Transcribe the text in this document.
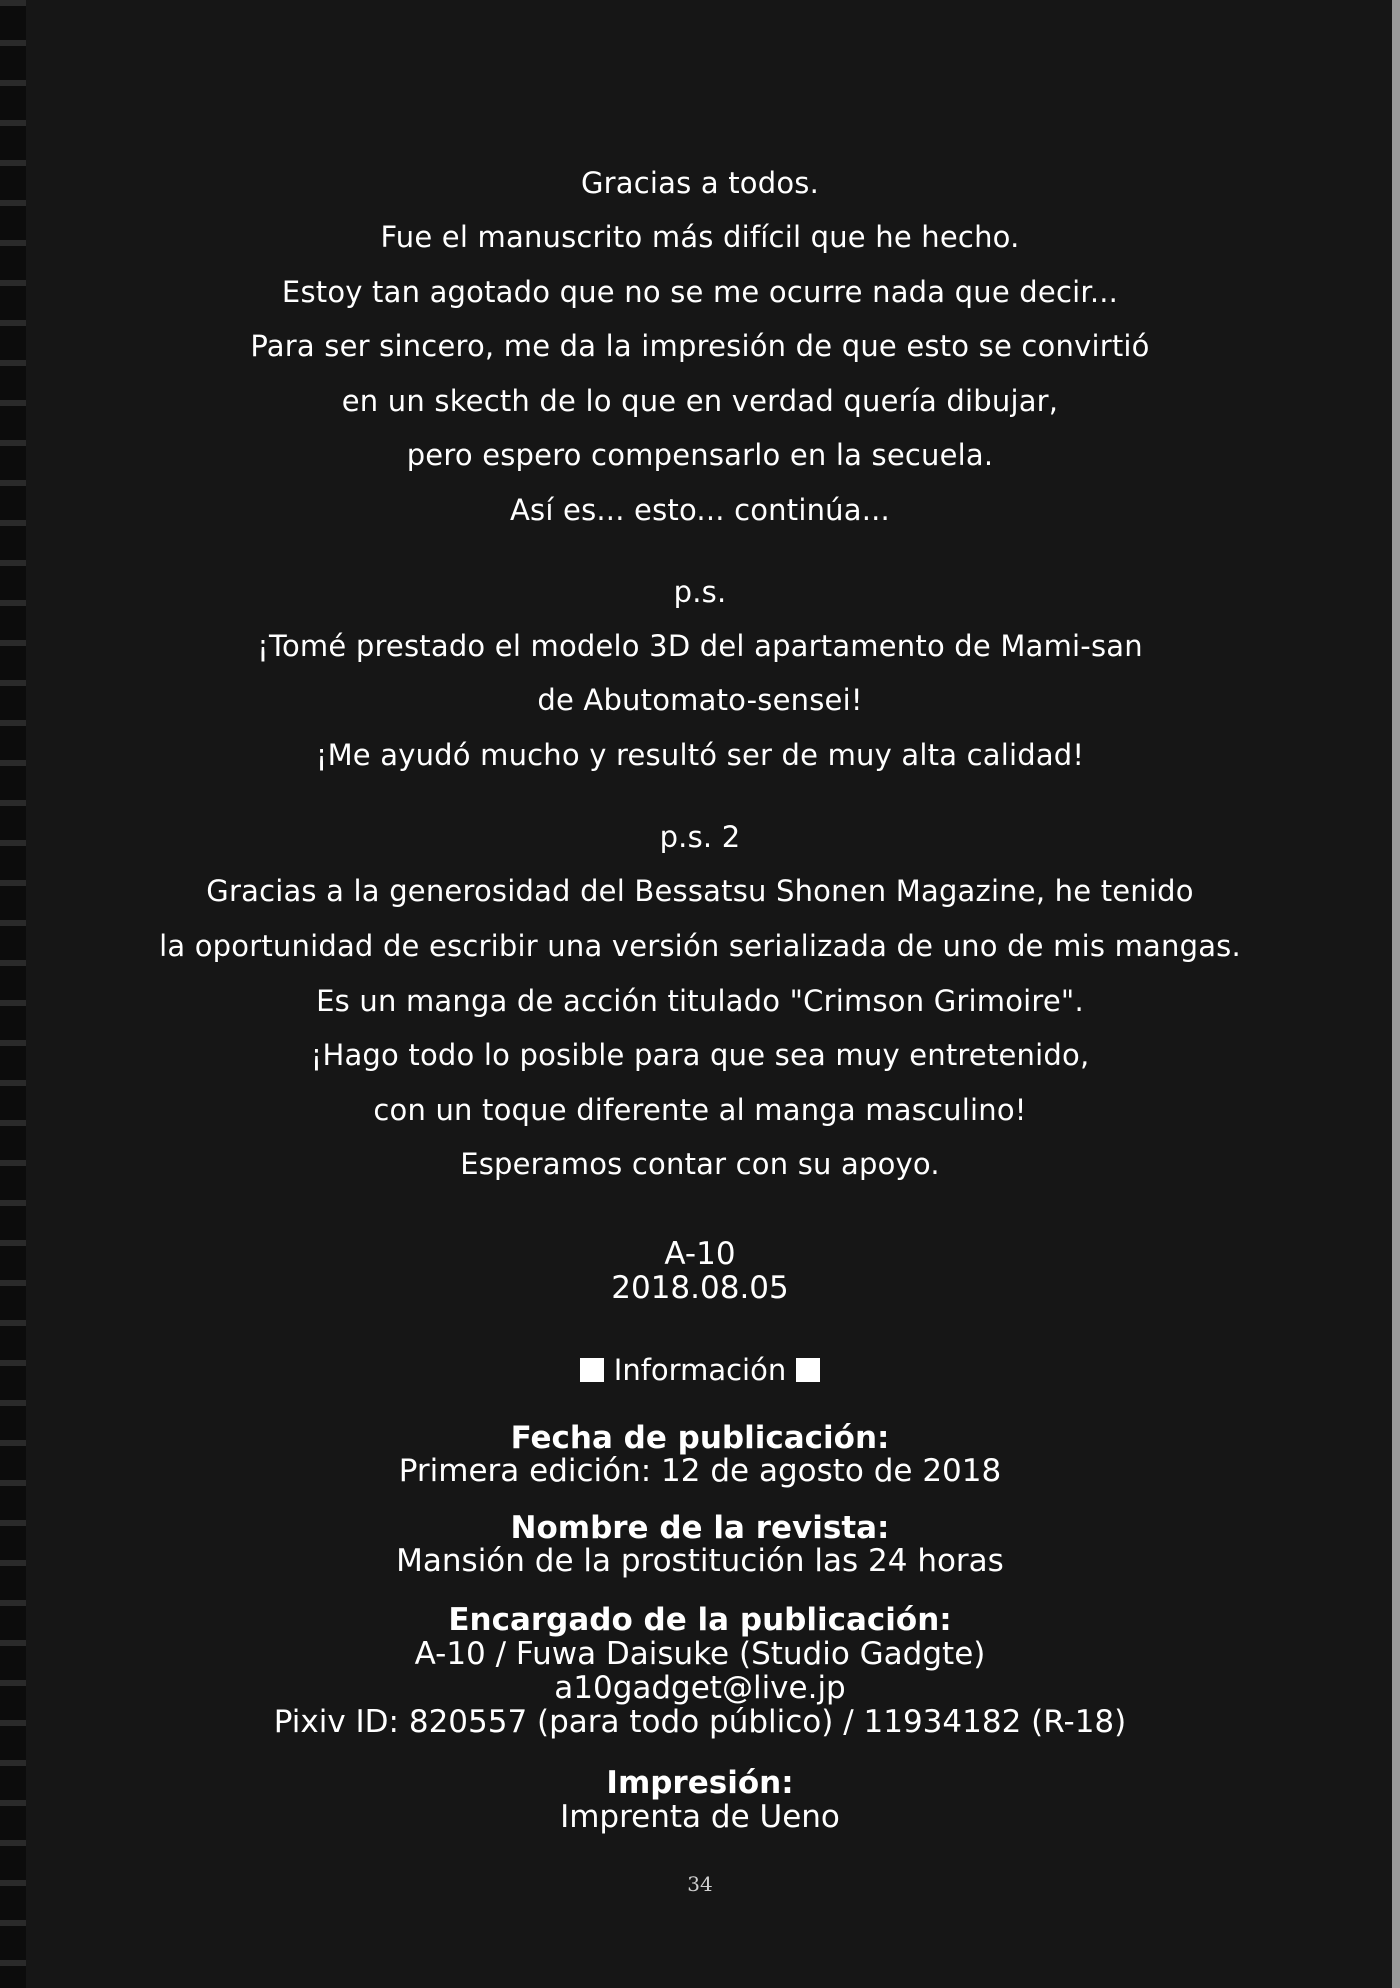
Gracias a todos.
Fue el manuscrito más difícil que he hecho.
Estoy tan agotado que no se me ocurre nada que decir...
Para ser sincero, me da la impresión de que esto se convirtió
en un skecth de lo que en verdad quería dibujar,
pero espero compensarlo en la secuela.
Así es... esto... continúa...
p.s.
¡Tomé prestado el modelo 3D del apartamento de Mami-san
de Abutomato-sensei!
¡Me ayudó mucho y resultó ser de muy alta calidad!
p.s. 2
Gracias a la generosidad del Bessatsu Shonen Magazine, he tenido
la oportunidad de escribir una versión serializada de uno de mis mangas.
Es un manga de acción titulado "Crimson Grimoire".
¡Hago todo lo posible para que sea muy entretenido,
con un toque diferente al manga masculino!
Esperamos contar con su apoyo.
A-10
2018.08.05
Información
Fecha de publicación:
Primera edición: 12 de agosto de 2018
Nombre de la revista:
Mansión de la prostitución las 24 horas
Encargado de la publicación:
A-10 / Fuwa Daisuke (Studio Gadgte)
a10gadget@live.jp
Pixiv ID: 820557 (para todo público) / 11934182 (R-18)
Impresión:
Imprenta de Ueno
34
